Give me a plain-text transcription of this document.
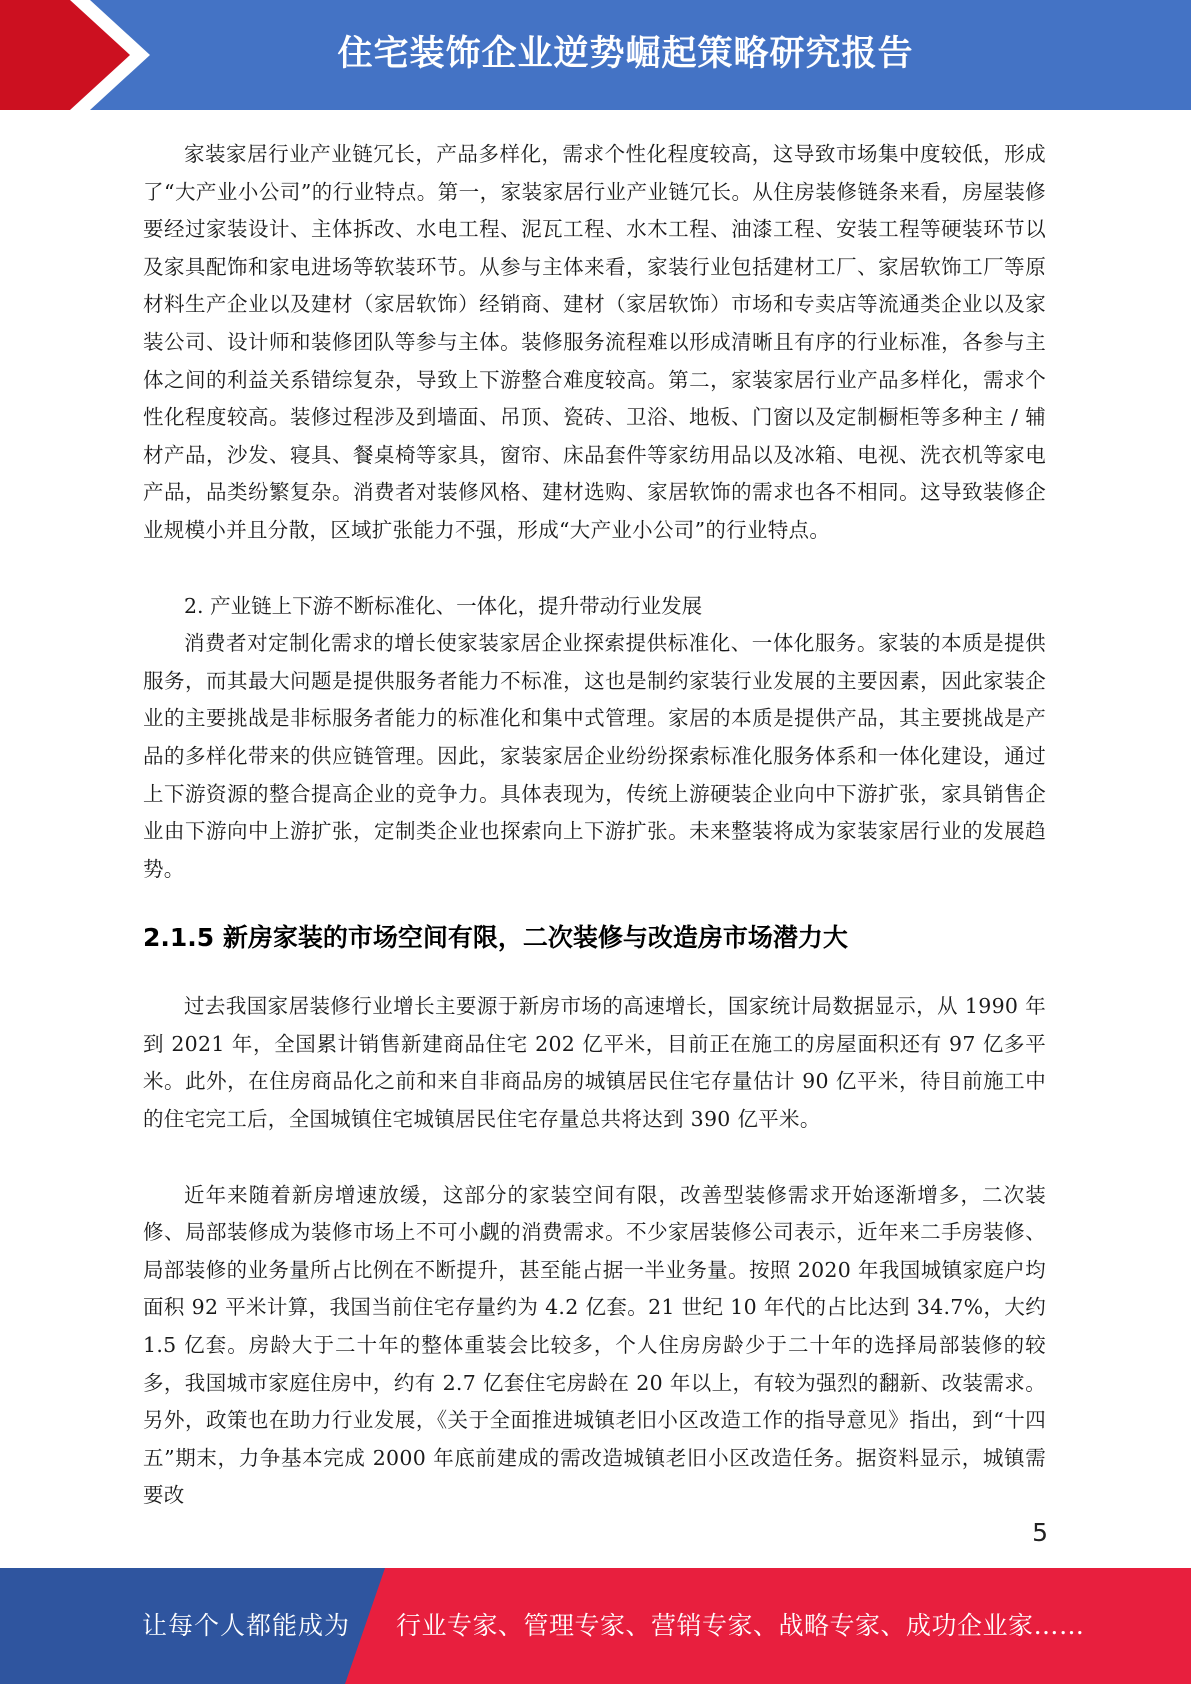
住宅装饰企业逆势崛起策略研究报告

家装家居行业产业链冗长，产品多样化，需求个性化程度较高，这导致市场集中度较低，形成了“大产业小公司”的行业特点。第一，家装家居行业产业链冗长。从住房装修链条来看，房屋装修要经过家装设计、主体拆改、水电工程、泥瓦工程、水木工程、油漆工程、安装工程等硬装环节以及家具配饰和家电进场等软装环节。从参与主体来看，家装行业包括建材工厂、家居软饰工厂等原材料生产企业以及建材（家居软饰）经销商、建材（家居软饰）市场和专卖店等流通类企业以及家装公司、设计师和装修团队等参与主体。装修服务流程难以形成清晰且有序的行业标准，各参与主体之间的利益关系错综复杂，导致上下游整合难度较高。第二，家装家居行业产品多样化，需求个性化程度较高。装修过程涉及到墙面、吊顶、瓷砖、卫浴、地板、门窗以及定制橱柜等多种主 / 辅材产品，沙发、寝具、餐桌椅等家具，窗帘、床品套件等家纺用品以及冰箱、电视、洗衣机等家电产品，品类纷繁复杂。消费者对装修风格、建材选购、家居软饰的需求也各不相同。这导致装修企业规模小并且分散，区域扩张能力不强，形成“大产业小公司”的行业特点。

2. 产业链上下游不断标准化、一体化，提升带动行业发展

消费者对定制化需求的增长使家装家居企业探索提供标准化、一体化服务。家装的本质是提供服务，而其最大问题是提供服务者能力不标准，这也是制约家装行业发展的主要因素，因此家装企业的主要挑战是非标服务者能力的标准化和集中式管理。家居的本质是提供产品，其主要挑战是产品的多样化带来的供应链管理。因此，家装家居企业纷纷探索标准化服务体系和一体化建设，通过上下游资源的整合提高企业的竞争力。具体表现为，传统上游硬装企业向中下游扩张，家具销售企业由下游向中上游扩张，定制类企业也探索向上下游扩张。未来整装将成为家装家居行业的发展趋势。

2.1.5 新房家装的市场空间有限，二次装修与改造房市场潜力大

过去我国家居装修行业增长主要源于新房市场的高速增长，国家统计局数据显示，从 1990 年到 2021 年，全国累计销售新建商品住宅 202 亿平米，目前正在施工的房屋面积还有 97 亿多平米。此外，在住房商品化之前和来自非商品房的城镇居民住宅存量估计 90 亿平米，待目前施工中的住宅完工后，全国城镇住宅城镇居民住宅存量总共将达到 390 亿平米。

近年来随着新房增速放缓，这部分的家装空间有限，改善型装修需求开始逐渐增多，二次装修、局部装修成为装修市场上不可小觑的消费需求。不少家居装修公司表示，近年来二手房装修、局部装修的业务量所占比例在不断提升，甚至能占据一半业务量。按照 2020 年我国城镇家庭户均面积 92 平米计算，我国当前住宅存量约为 4.2 亿套。21 世纪 10 年代的占比达到 34.7%，大约 1.5 亿套。房龄大于二十年的整体重装会比较多，个人住房房龄少于二十年的选择局部装修的较多，我国城市家庭住房中，约有 2.7 亿套住宅房龄在 20 年以上，有较为强烈的翻新、改装需求。另外，政策也在助力行业发展，《关于全面推进城镇老旧小区改造工作的指导意见》指出，到“十四五”期末，力争基本完成 2000 年底前建成的需改造城镇老旧小区改造任务。据资料显示，城镇需要改

5
让每个人都能成为 行业专家、管理专家、营销专家、战略专家、成功企业家……
